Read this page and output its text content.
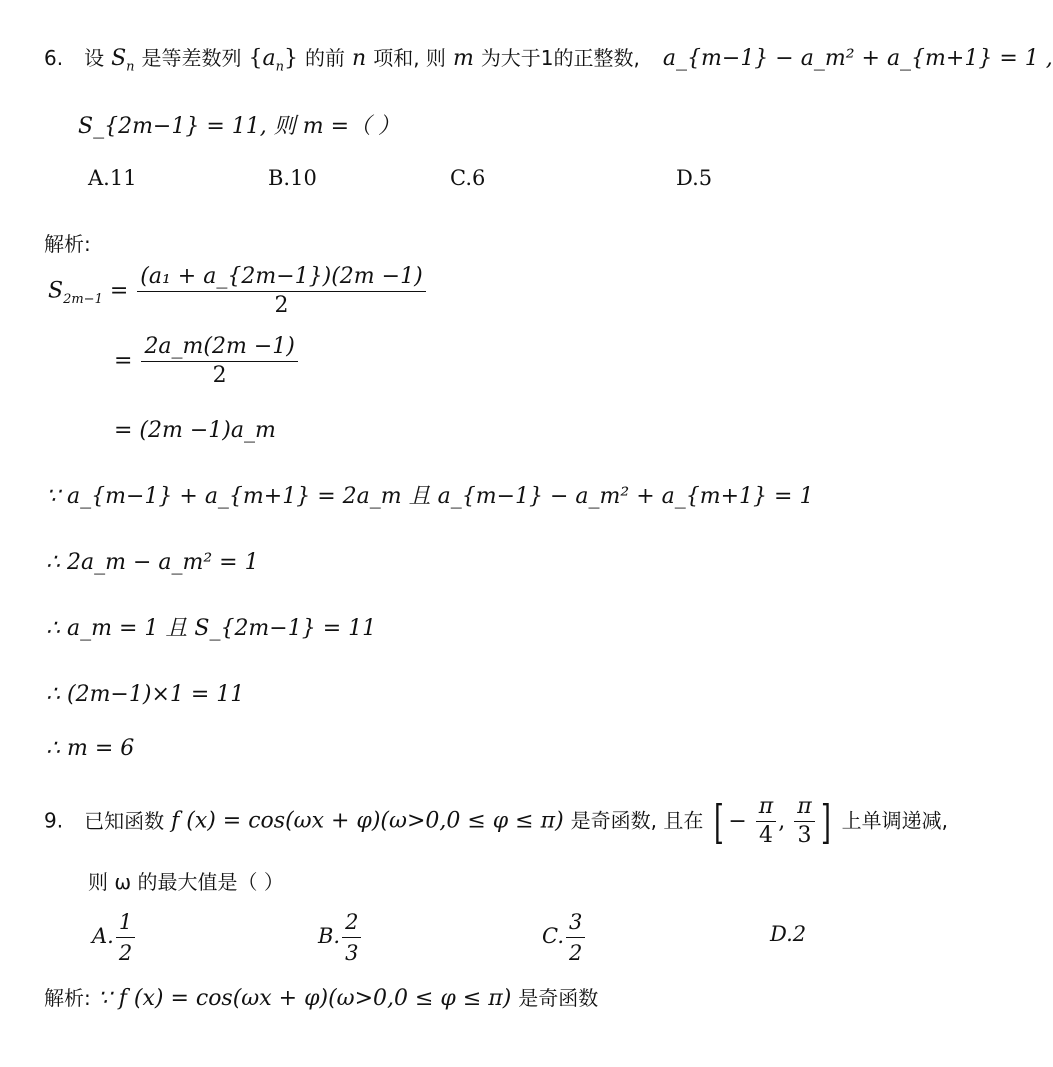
6. 设 $S_n$ 是等差数列 $\{a_n\}$ 的前 n 项和, 则 m 为大于1的正整数, a_{m−1} − a_m² + a_{m+1} = 1 ,
S_{2m−1} = 11, 则 m =（ ）
A.11	B.10	C.6	D.5
解析:
$S_{2m-1} = \frac{\text{(a₁ + a\_\{2m−1\})(2m −1)}}{2}$
= $\frac{2a\_m(2m -1)}{2}$
= (2m −1)a_m
∵ a_{m−1} + a_{m+1} = 2a_m 且 a_{m−1} − a_m² + a_{m+1} = 1
∴ 2a_m − a_m² = 1
∴ a_m = 1 且 S_{2m−1} = 11
∴ (2m−1)×1 = 11
∴ m = 6
9. 已知函数 f (x) = cos(ωx + φ)(ω>0,0 ≤ φ ≤ π) 是奇函数, 且在 [ − $\frac{\pi}{4}$ , $\frac{\pi}{3}$ ] 上单调递减,
则 ω 的最大值是（ ）
A. $\frac{1}{2}$	B. $\frac{2}{3}$	C. $\frac{3}{2}$	D.2
解析: ∵ f (x) = cos(ωx + φ)(ω>0,0 ≤ φ ≤ π) 是奇函数
